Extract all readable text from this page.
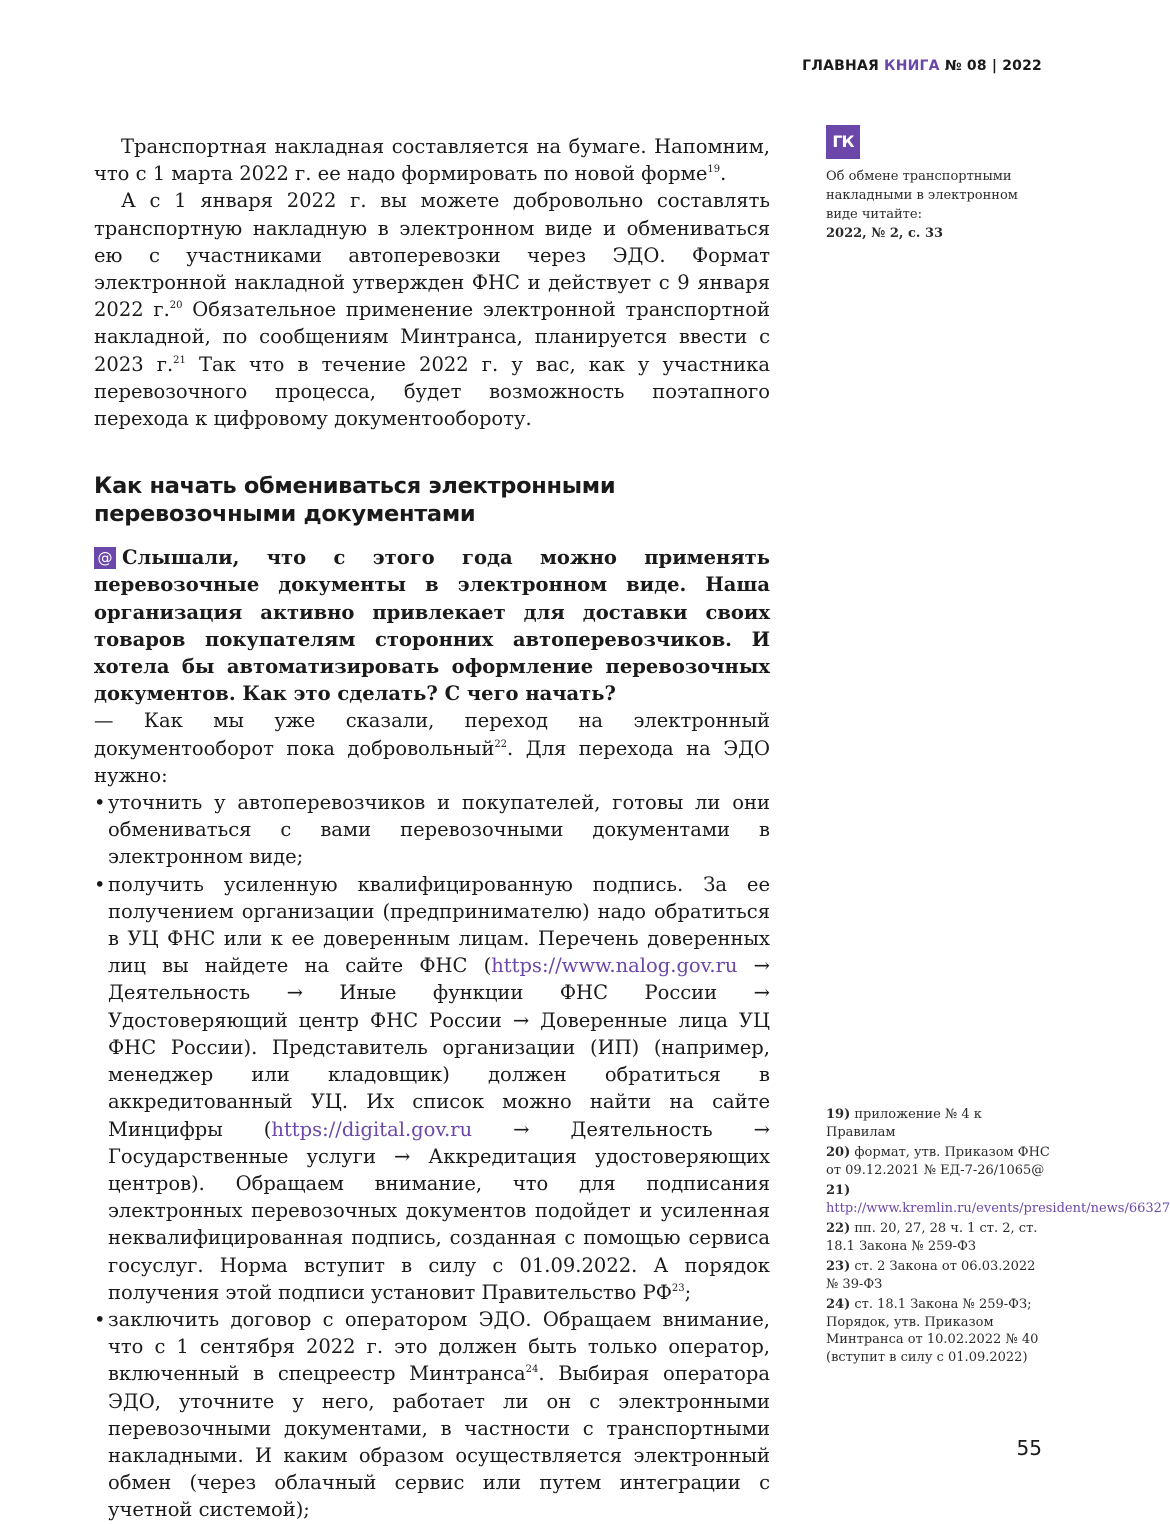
ГЛАВНАЯ КНИГА № 08 | 2022

Транспортная накладная составляется на бумаге. Напомним, что с 1 марта 2022 г. ее надо формировать по новой форме$^{19}$.

А с 1 января 2022 г. вы можете добровольно составлять транспортную накладную в электронном виде и обмениваться ею с участниками автоперевозки через ЭДО. Формат электронной накладной утвержден ФНС и действует с 9 января 2022 г.$^{20}$ Обязательное применение электронной транспортной накладной, по сообщениям Минтранса, планируется ввести с 2023 г.$^{21}$ Так что в течение 2022 г. у вас, как у участника перевозочного процесса, будет возможность поэтапного перехода к цифровому документообороту.

Как начать обмениваться электронными перевозочными документами

@ Слышали, что с этого года можно применять перевозочные документы в электронном виде. Наша организация активно привлекает для доставки своих товаров покупателям сторонних автоперевозчиков. И хотела бы автоматизировать оформление перевозочных документов. Как это сделать? С чего начать?

— Как мы уже сказали, переход на электронный документооборот пока добровольный$^{22}$. Для перехода на ЭДО нужно:

• уточнить у автоперевозчиков и покупателей, готовы ли они обмениваться с вами перевозочными документами в электронном виде;
• получить усиленную квалифицированную подпись. За ее получением организации (предпринимателю) надо обратиться в УЦ ФНС или к ее доверенным лицам. Перечень доверенных лиц вы найдете на сайте ФНС (https://www.nalog.gov.ru → Деятельность → Иные функции ФНС России → Удостоверяющий центр ФНС России → Доверенные лица УЦ ФНС России). Представитель организации (ИП) (например, менеджер или кладовщик) должен обратиться в аккредитованный УЦ. Их список можно найти на сайте Минцифры (https://digital.gov.ru → Деятельность → Государственные услуги → Аккредитация удостоверяющих центров). Обращаем внимание, что для подписания электронных перевозочных документов подойдет и усиленная неквалифицированная подпись, созданная с помощью сервиса госуслуг. Норма вступит в силу с 01.09.2022. А порядок получения этой подписи установит Правительство РФ$^{23}$;
• заключить договор с оператором ЭДО. Обращаем внимание, что с 1 сентября 2022 г. это должен быть только оператор, включенный в спецреестр Минтранса$^{24}$. Выбирая оператора ЭДО, уточните у него, работает ли он с электронными перевозочными документами, в частности с транспортными накладными. И каким образом осуществляется электронный обмен (через облачный сервис или путем интеграции с учетной системой);
ГК
Об обмене транспортными накладными в электронном виде читайте:
2022, № 2, с. 33
19) приложение № 4 к Правилам
20) формат, утв. Приказом ФНС от 09.12.2021 № ЕД-7-26/1065@
21) http://www.kremlin.ru/events/president/news/66327
22) пп. 20, 27, 28 ч. 1 ст. 2, ст. 18.1 Закона № 259-ФЗ
23) ст. 2 Закона от 06.03.2022 № 39-ФЗ
24) ст. 18.1 Закона № 259-ФЗ; Порядок, утв. Приказом Минтранса от 10.02.2022 № 40 (вступит в силу с 01.09.2022)
55
